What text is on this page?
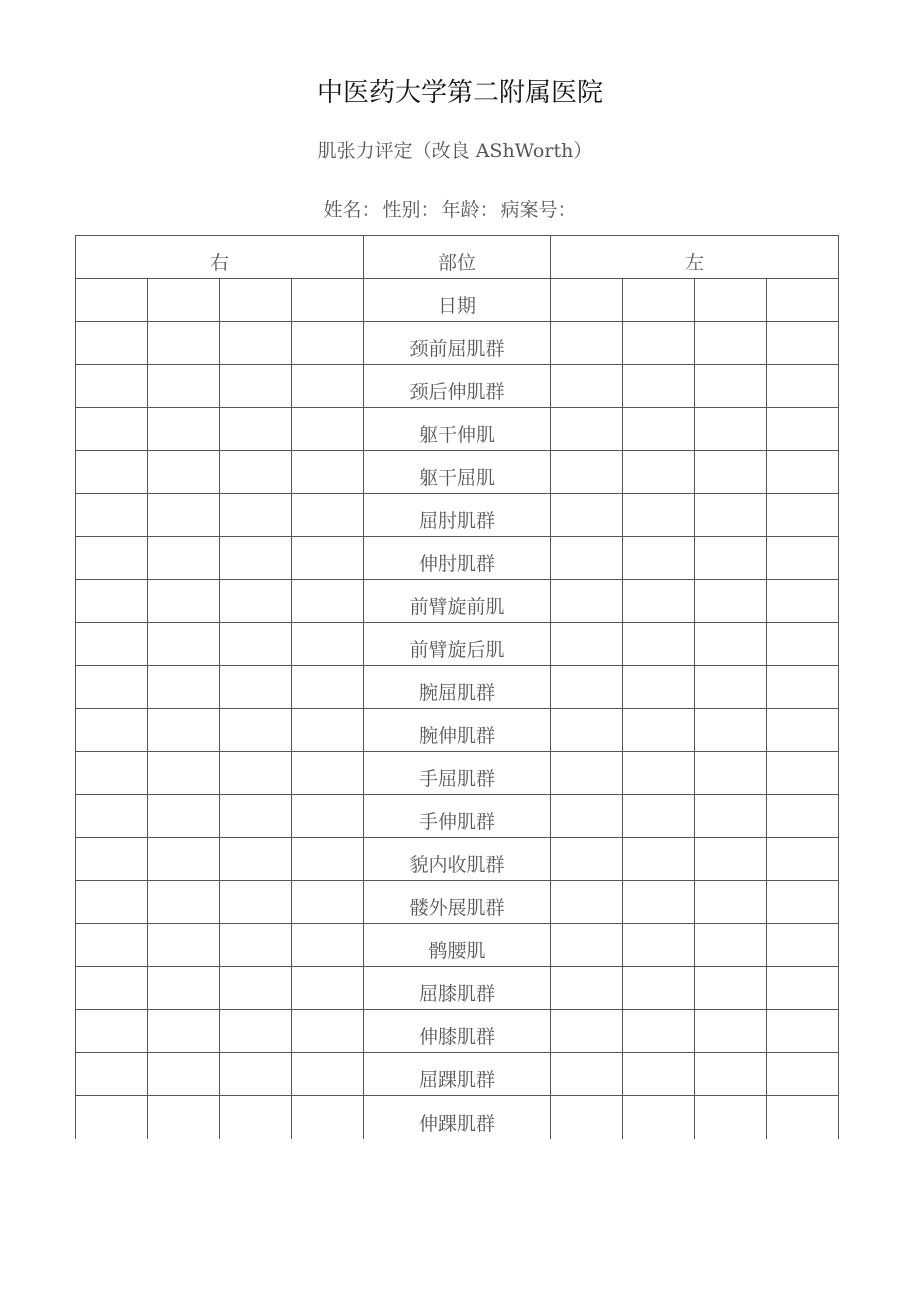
中医药大学第二附属医院
肌张力评定（改良 AShWorth）
姓名： 性别： 年龄： 病案号：
右				部位	左			
				日期				
				颈前屈肌群				
				颈后伸肌群				
				躯干伸肌				
				躯干屈肌				
				屈肘肌群				
				伸肘肌群				
				前臂旋前肌				
				前臂旋后肌				
				腕屈肌群				
				腕伸肌群				
				手屈肌群				
				手伸肌群				
				貌内收肌群				
				髅外展肌群				
				鹘腰肌				
				屈膝肌群				
				伸膝肌群				
				屈踝肌群				
				伸踝肌群				
